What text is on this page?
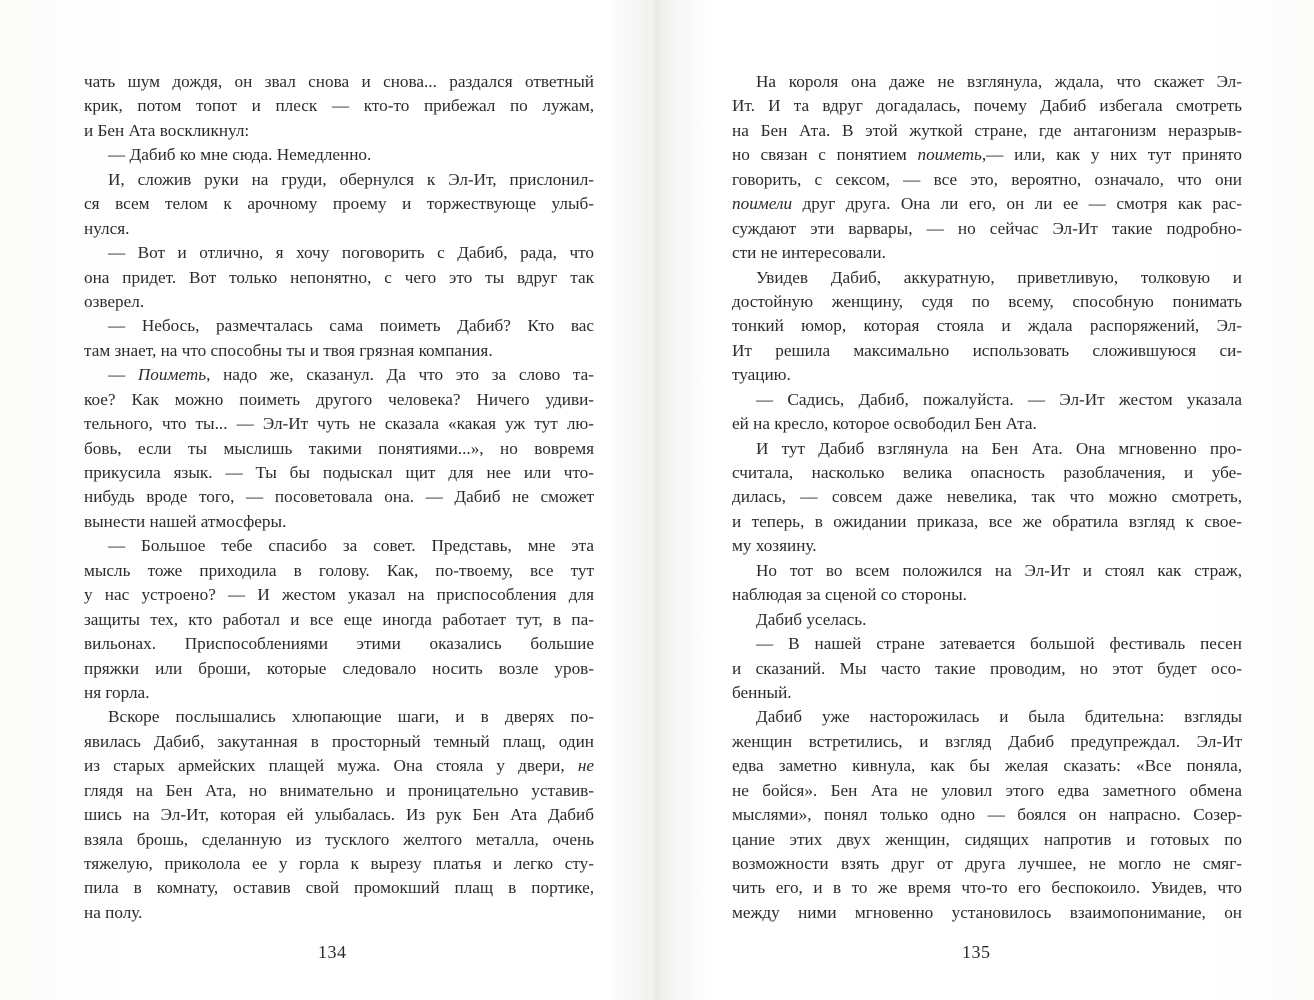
чать шум дождя, он звал снова и снова... раздался ответный
крик, потом топот и плеск — кто-то прибежал по лужам,
и Бен Ата воскликнул:
— Дабиб ко мне сюда. Немедленно.
И, сложив руки на груди, обернулся к Эл-Ит, прислонил-
ся всем телом к арочному проему и торжествующе улыб-
нулся.
— Вот и отлично, я хочу поговорить с Дабиб, рада, что
она придет. Вот только непонятно, с чего это ты вдруг так
озверел.
— Небось, размечталась сама поиметь Дабиб? Кто вас
там знает, на что способны ты и твоя грязная компания.
— Поиметь, надо же, сказанул. Да что это за слово та-
кое? Как можно поиметь другого человека? Ничего удиви-
тельного, что ты... — Эл-Ит чуть не сказала «какая уж тут лю-
бовь, если ты мыслишь такими понятиями...», но вовремя
прикусила язык. — Ты бы подыскал щит для нее или что-
нибудь вроде того, — посоветовала она. — Дабиб не сможет
вынести нашей атмосферы.
— Большое тебе спасибо за совет. Представь, мне эта
мысль тоже приходила в голову. Как, по-твоему, все тут
у нас устроено? — И жестом указал на приспособления для
защиты тех, кто работал и все еще иногда работает тут, в па-
вильонах. Приспособлениями этими оказались большие
пряжки или броши, которые следовало носить возле уров-
ня горла.
Вскоре послышались хлюпающие шаги, и в дверях по-
явилась Дабиб, закутанная в просторный темный плащ, один
из старых армейских плащей мужа. Она стояла у двери, не
глядя на Бен Ата, но внимательно и проницательно уставив-
шись на Эл-Ит, которая ей улыбалась. Из рук Бен Ата Дабиб
взяла брошь, сделанную из тусклого желтого металла, очень
тяжелую, приколола ее у горла к вырезу платья и легко сту-
пила в комнату, оставив свой промокший плащ в портике,
на полу.
134
На короля она даже не взглянула, ждала, что скажет Эл-
Ит. И та вдруг догадалась, почему Дабиб избегала смотреть
на Бен Ата. В этой жуткой стране, где антагонизм неразрыв-
но связан с понятием поиметь,— или, как у них тут принято
говорить, с сексом, — все это, вероятно, означало, что они
поимели друг друга. Она ли его, он ли ее — смотря как рас-
суждают эти варвары, — но сейчас Эл-Ит такие подробно-
сти не интересовали.
Увидев Дабиб, аккуратную, приветливую, толковую и
достойную женщину, судя по всему, способную понимать
тонкий юмор, которая стояла и ждала распоряжений, Эл-
Ит решила максимально использовать сложившуюся си-
туацию.
— Садись, Дабиб, пожалуйста. — Эл-Ит жестом указала
ей на кресло, которое освободил Бен Ата.
И тут Дабиб взглянула на Бен Ата. Она мгновенно про-
считала, насколько велика опасность разоблачения, и убе-
дилась, — совсем даже невелика, так что можно смотреть,
и теперь, в ожидании приказа, все же обратила взгляд к свое-
му хозяину.
Но тот во всем положился на Эл-Ит и стоял как страж,
наблюдая за сценой со стороны.
Дабиб уселась.
— В нашей стране затевается большой фестиваль песен
и сказаний. Мы часто такие проводим, но этот будет осо-
бенный.
Дабиб уже насторожилась и была бдительна: взгляды
женщин встретились, и взгляд Дабиб предупреждал. Эл-Ит
едва заметно кивнула, как бы желая сказать: «Все поняла,
не бойся». Бен Ата не уловил этого едва заметного обмена
мыслями», понял только одно — боялся он напрасно. Созер-
цание этих двух женщин, сидящих напротив и готовых по
возможности взять друг от друга лучшее, не могло не смяг-
чить его, и в то же время что-то его беспокоило. Увидев, что
между ними мгновенно установилось взаимопонимание, он
135
